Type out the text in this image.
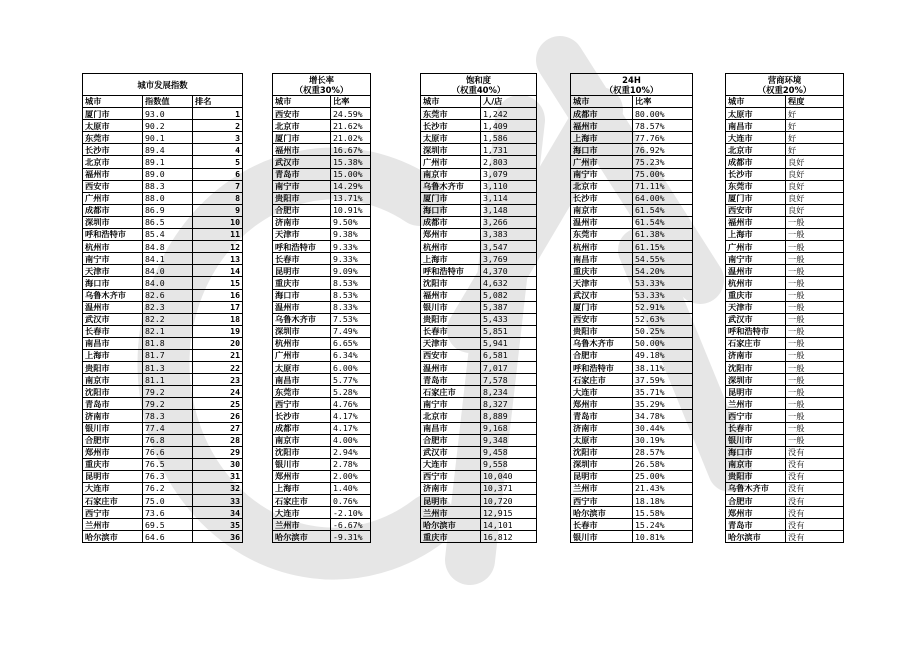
城市发展指数		
城市	指数值	排名
厦门市	93.0	1
太原市	90.2	2
东莞市	90.1	3
长沙市	89.4	4
北京市	89.1	5
福州市	89.0	6
西安市	88.3	7
广州市	88.0	8
成都市	86.9	9
深圳市	86.5	10
呼和浩特市	85.4	11
杭州市	84.8	12
南宁市	84.1	13
天津市	84.0	14
海口市	84.0	15
乌鲁木齐市	82.6	16
温州市	82.3	17
武汉市	82.2	18
长春市	82.1	19
南昌市	81.8	20
上海市	81.7	21
贵阳市	81.3	22
南京市	81.1	23
沈阳市	79.2	24
青岛市	79.2	25
济南市	78.3	26
银川市	77.4	27
合肥市	76.8	28
郑州市	76.6	29
重庆市	76.5	30
昆明市	76.3	31
大连市	76.2	32
石家庄市	75.0	33
西宁市	73.6	34
兰州市	69.5	35
哈尔滨市	64.6	36
增长率
（权重30%）	
城市	比率
西安市	24.59%
北京市	21.62%
厦门市	21.02%
福州市	16.67%
武汉市	15.38%
青岛市	15.00%
南宁市	14.29%
贵阳市	13.71%
合肥市	10.91%
济南市	9.50%
天津市	9.38%
呼和浩特市	9.33%
长春市	9.33%
昆明市	9.09%
重庆市	8.53%
海口市	8.53%
温州市	8.33%
乌鲁木齐市	7.53%
深圳市	7.49%
杭州市	6.65%
广州市	6.34%
太原市	6.00%
南昌市	5.77%
东莞市	5.28%
西宁市	4.76%
长沙市	4.17%
成都市	4.17%
南京市	4.00%
沈阳市	2.94%
银川市	2.78%
郑州市	2.00%
上海市	1.40%
石家庄市	0.76%
大连市	-2.10%
兰州市	-6.67%
哈尔滨市	-9.31%
饱和度
（权重40%）	
城市	人/店
东莞市	1,242
长沙市	1,409
太原市	1,586
深圳市	1,731
广州市	2,803
南京市	3,079
乌鲁木齐市	3,110
厦门市	3,114
海口市	3,148
成都市	3,266
郑州市	3,383
杭州市	3,547
上海市	3,769
呼和浩特市	4,370
沈阳市	4,632
福州市	5,082
银川市	5,387
贵阳市	5,433
长春市	5,851
天津市	5,941
西安市	6,581
温州市	7,017
青岛市	7,578
石家庄市	8,234
南宁市	8,327
北京市	8,889
南昌市	9,168
合肥市	9,348
武汉市	9,458
大连市	9,558
西宁市	10,040
济南市	10,371
昆明市	10,720
兰州市	12,915
哈尔滨市	14,101
重庆市	16,812
24H
（权重10%）	
城市	比率
成都市	80.00%
福州市	78.57%
上海市	77.76%
海口市	76.92%
广州市	75.23%
南宁市	75.00%
北京市	71.11%
长沙市	64.00%
南京市	61.54%
温州市	61.54%
东莞市	61.38%
杭州市	61.15%
南昌市	54.55%
重庆市	54.20%
天津市	53.33%
武汉市	53.33%
厦门市	52.91%
西安市	52.63%
贵阳市	50.25%
乌鲁木齐市	50.00%
合肥市	49.18%
呼和浩特市	38.11%
石家庄市	37.59%
大连市	35.71%
郑州市	35.29%
青岛市	34.78%
济南市	30.44%
太原市	30.19%
沈阳市	28.57%
深圳市	26.58%
昆明市	25.00%
兰州市	21.43%
西宁市	18.18%
哈尔滨市	15.58%
长春市	15.24%
银川市	10.81%
营商环境
（权重20%）	
城市	程度
太原市	好
南昌市	好
大连市	好
北京市	好
成都市	良好
长沙市	良好
东莞市	良好
厦门市	良好
西安市	良好
福州市	一般
上海市	一般
广州市	一般
南宁市	一般
温州市	一般
杭州市	一般
重庆市	一般
天津市	一般
武汉市	一般
呼和浩特市	一般
石家庄市	一般
济南市	一般
沈阳市	一般
深圳市	一般
昆明市	一般
兰州市	一般
西宁市	一般
长春市	一般
银川市	一般
海口市	没有
南京市	没有
贵阳市	没有
乌鲁木齐市	没有
合肥市	没有
郑州市	没有
青岛市	没有
哈尔滨市	没有
